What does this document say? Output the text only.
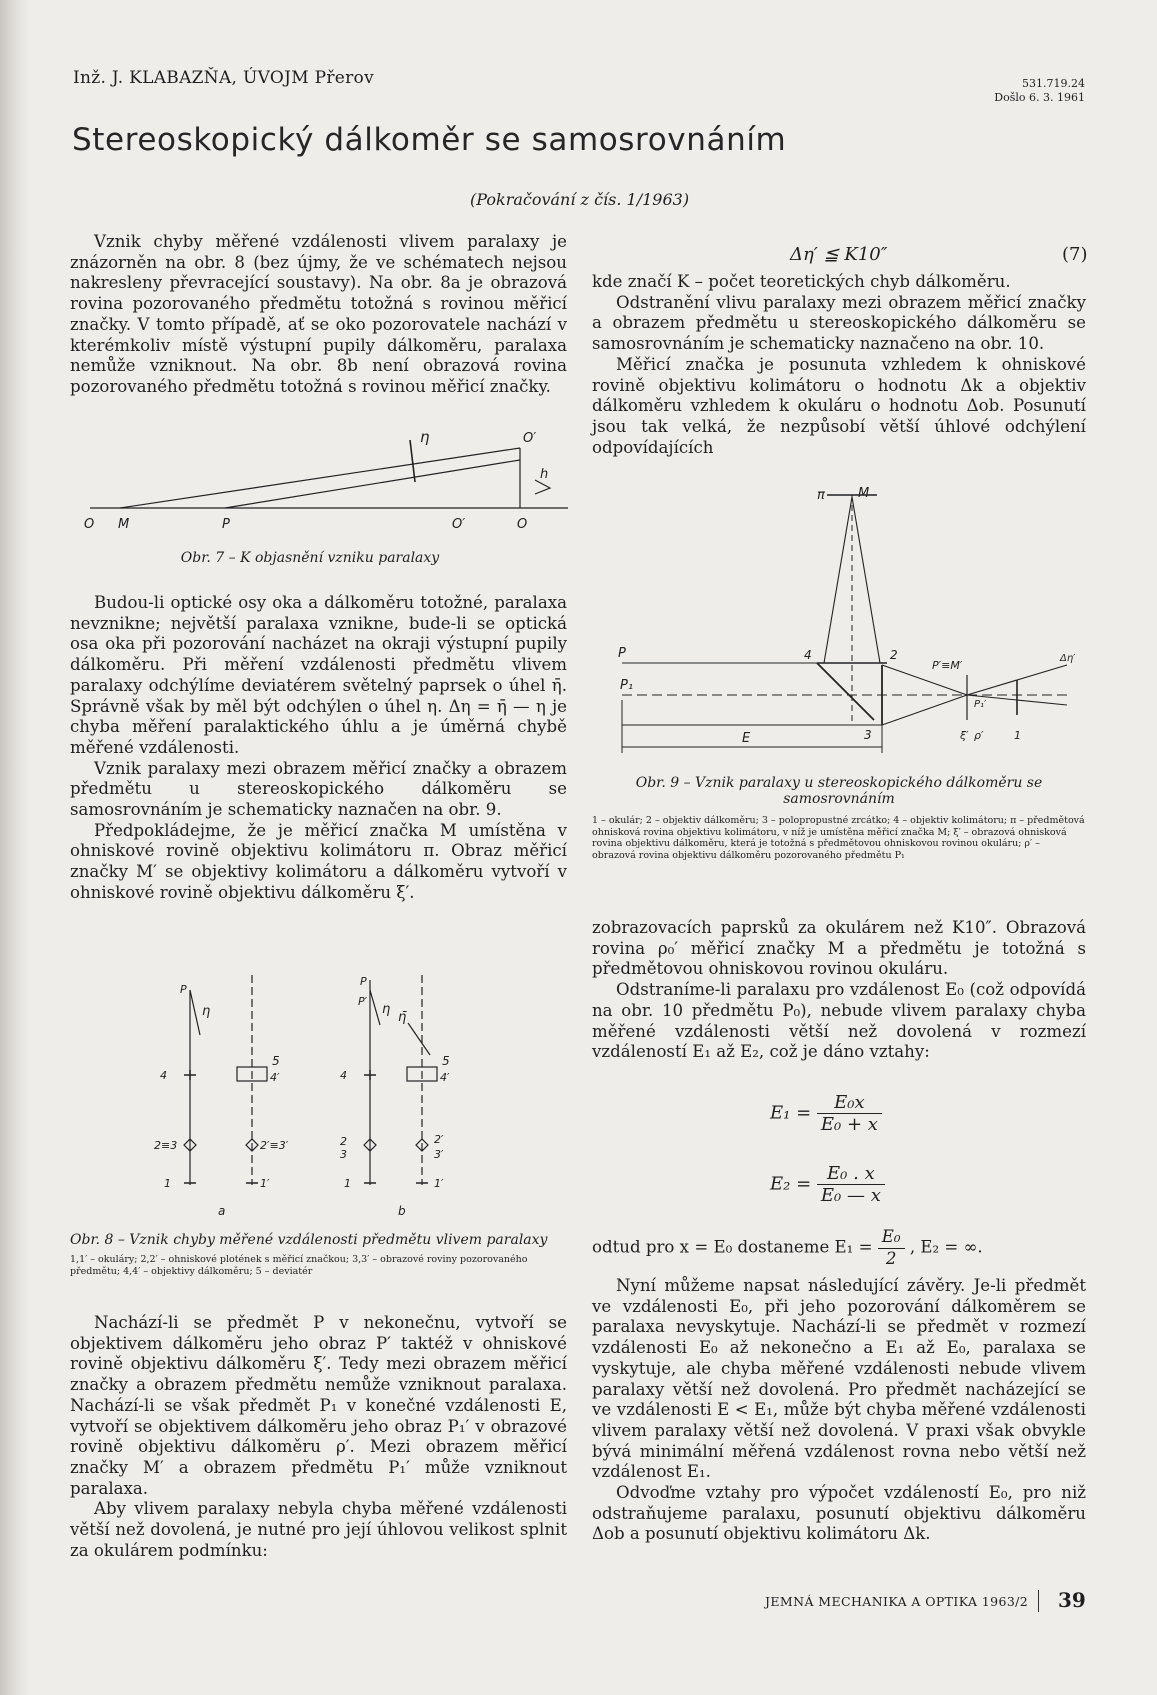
Inž. J. KLABAZŇA, ÚVOJM Přerov	531.719.24
Došlo 6. 3. 1961
Stereoskopický dálkoměr se samosrovnáním
(Pokračování z čís. 1/1963)

Vznik chyby měřené vzdálenosti vlivem paralaxy je znázorněn na obr. 8 (bez újmy, že ve schématech nejsou nakresleny převracející soustavy). Na obr. 8a je obrazová rovina pozorovaného předmětu totožná s rovinou měřicí značky. V tomto případě, ať se oko pozorovatele nachází v kterémkoliv místě výstupní pupily dálkoměru, paralaxa nemůže vzniknout. Na obr. 8b není obrazová rovina pozorovaného předmětu totožná s rovinou měřicí značky.

O M	P	O′	O
O′
η
h
Obr. 7 – K objasnění vzniku paralaxy

Budou-li optické osy oka a dálkoměru totožné, paralaxa nevznikne; největší paralaxa vznikne, bude-li se optická osa oka při pozorování nacházet na okraji výstupní pupily dálkoměru. Při měření vzdálenosti předmětu vlivem paralaxy odchýlíme deviatérem světelný paprsek o úhel η̄. Správně však by měl být odchýlen o úhel η. Δη = η̄ — η je chyba měření paralaktického úhlu a je úměrná chybě měřené vzdálenosti.

Vznik paralaxy mezi obrazem měřicí značky a obrazem předmětu u stereoskopického dálkoměru se samosrovnáním je schematicky naznačen na obr. 9.

Předpokládejme, že je měřicí značka M umístěna v ohniskové rovině objektivu kolimátoru π. Obraz měřicí značky M′ se objektivy kolimátoru a dálkoměru vytvoří v ohniskové rovině objektivu dálkoměru ξ′.

P
η
5
4	4′
2≡3	2′≡3′
1	1′
a
P
P′
η
η̄
5
4	4′
2
3
2′
3′
1	1′
b
Obr. 8 – Vznik chyby měřené vzdálenosti předmětu vlivem paralaxy
1,1′ – okuláry; 2,2′ – ohniskové plotének s měřicí značkou; 3,3′ – obrazové roviny pozorovaného předmětu; 4,4′ – objektivy dálkoměru; 5 – deviatér

Nachází-li se předmět P v nekonečnu, vytvoří se objektivem dálkoměru jeho obraz P′ taktéž v ohniskové rovině objektivu dálkoměru ξ′. Tedy mezi obrazem měřicí značky a obrazem předmětu nemůže vzniknout paralaxa. Nachází-li se však předmět P₁ v konečné vzdálenosti E, vytvoří se objektivem dálkoměru jeho obraz P₁′ v obrazové rovině objektivu dálkoměru ρ′. Mezi obrazem měřicí značky M′ a obrazem předmětu P₁′ může vzniknout paralaxa.

Aby vlivem paralaxy nebyla chyba měřené vzdálenosti větší než dovolená, je nutné pro její úhlovou velikost splnit za okulárem podmínku:

Δη′ ≦ K10″	(7)

kde značí K – počet teoretických chyb dálkoměru.

Odstranění vlivu paralaxy mezi obrazem měřicí značky a obrazem předmětu u stereoskopického dálkoměru se samosrovnáním je schematicky naznačeno na obr. 10.

Měřicí značka je posunuta vzhledem k ohniskové rovině objektivu kolimátoru o hodnotu Δk a objektiv dálkoměru vzhledem k okuláru o hodnotu Δob. Posunutí jsou tak velká, že nezpůsobí větší úhlové odchýlení odpovídajících

π	M
P
P₁
4	2
3
E
P′≡M′
P₁′
ξ′ ρ′	1
Δη′
Obr. 9 – Vznik paralaxy u stereoskopického dálkoměru se samosrovnáním
1 – okulár; 2 – objektiv dálkoměru; 3 – polopropustné zrcátko; 4 – objektiv kolimátoru; π – předmětová ohnisková rovina objektivu kolimátoru, v níž je umístěna měřicí značka M; ξ′ – obrazová ohnisková rovina objektivu dálkoměru, která je totožná s předmětovou ohniskovou rovinou okuláru; ρ′ – obrazová rovina objektivu dálkoměru pozorovaného předmětu P₁

zobrazovacích paprsků za okulárem než K10″. Obrazová rovina ρ₀′ měřicí značky M a předmětu je totožná s předmětovou ohniskovou rovinou okuláru.

Odstraníme-li paralaxu pro vzdálenost E₀ (což odpovídá na obr. 10 předmětu P₀), nebude vlivem paralaxy chyba měřené vzdálenosti větší než dovolená v rozmezí vzdáleností E₁ až E₂, což je dáno vztahy:

$E_1 = \frac{\text{E₀x}}{\text{E₀ + x}}$
$E_2 = \frac{\text{E₀ . x}}{\text{E₀ — x}}$
odtud pro x = E₀ dostaneme $E_1 = \frac{\text{E₀}}{2}$ , E₂ = ∞.

Nyní můžeme napsat následující závěry. Je-li předmět ve vzdálenosti E₀, při jeho pozorování dálkoměrem se paralaxa nevyskytuje. Nachází-li se předmět v rozmezí vzdálenosti E₀ až nekonečno a E₁ až E₀, paralaxa se vyskytuje, ale chyba měřené vzdálenosti nebude vlivem paralaxy větší než dovolená. Pro předmět nacházející se ve vzdálenosti E < E₁, může být chyba měřené vzdálenosti vlivem paralaxy větší než dovolená. V praxi však obvykle bývá minimální měřená vzdálenost rovna nebo větší než vzdálenost E₁.

Odvoďme vztahy pro výpočet vzdáleností E₀, pro niž odstraňujeme paralaxu, posunutí objektivu dálkoměru Δob a posunutí objektivu kolimátoru Δk.

JEMNÁ MECHANIKA A OPTIKA 1963/2 39
